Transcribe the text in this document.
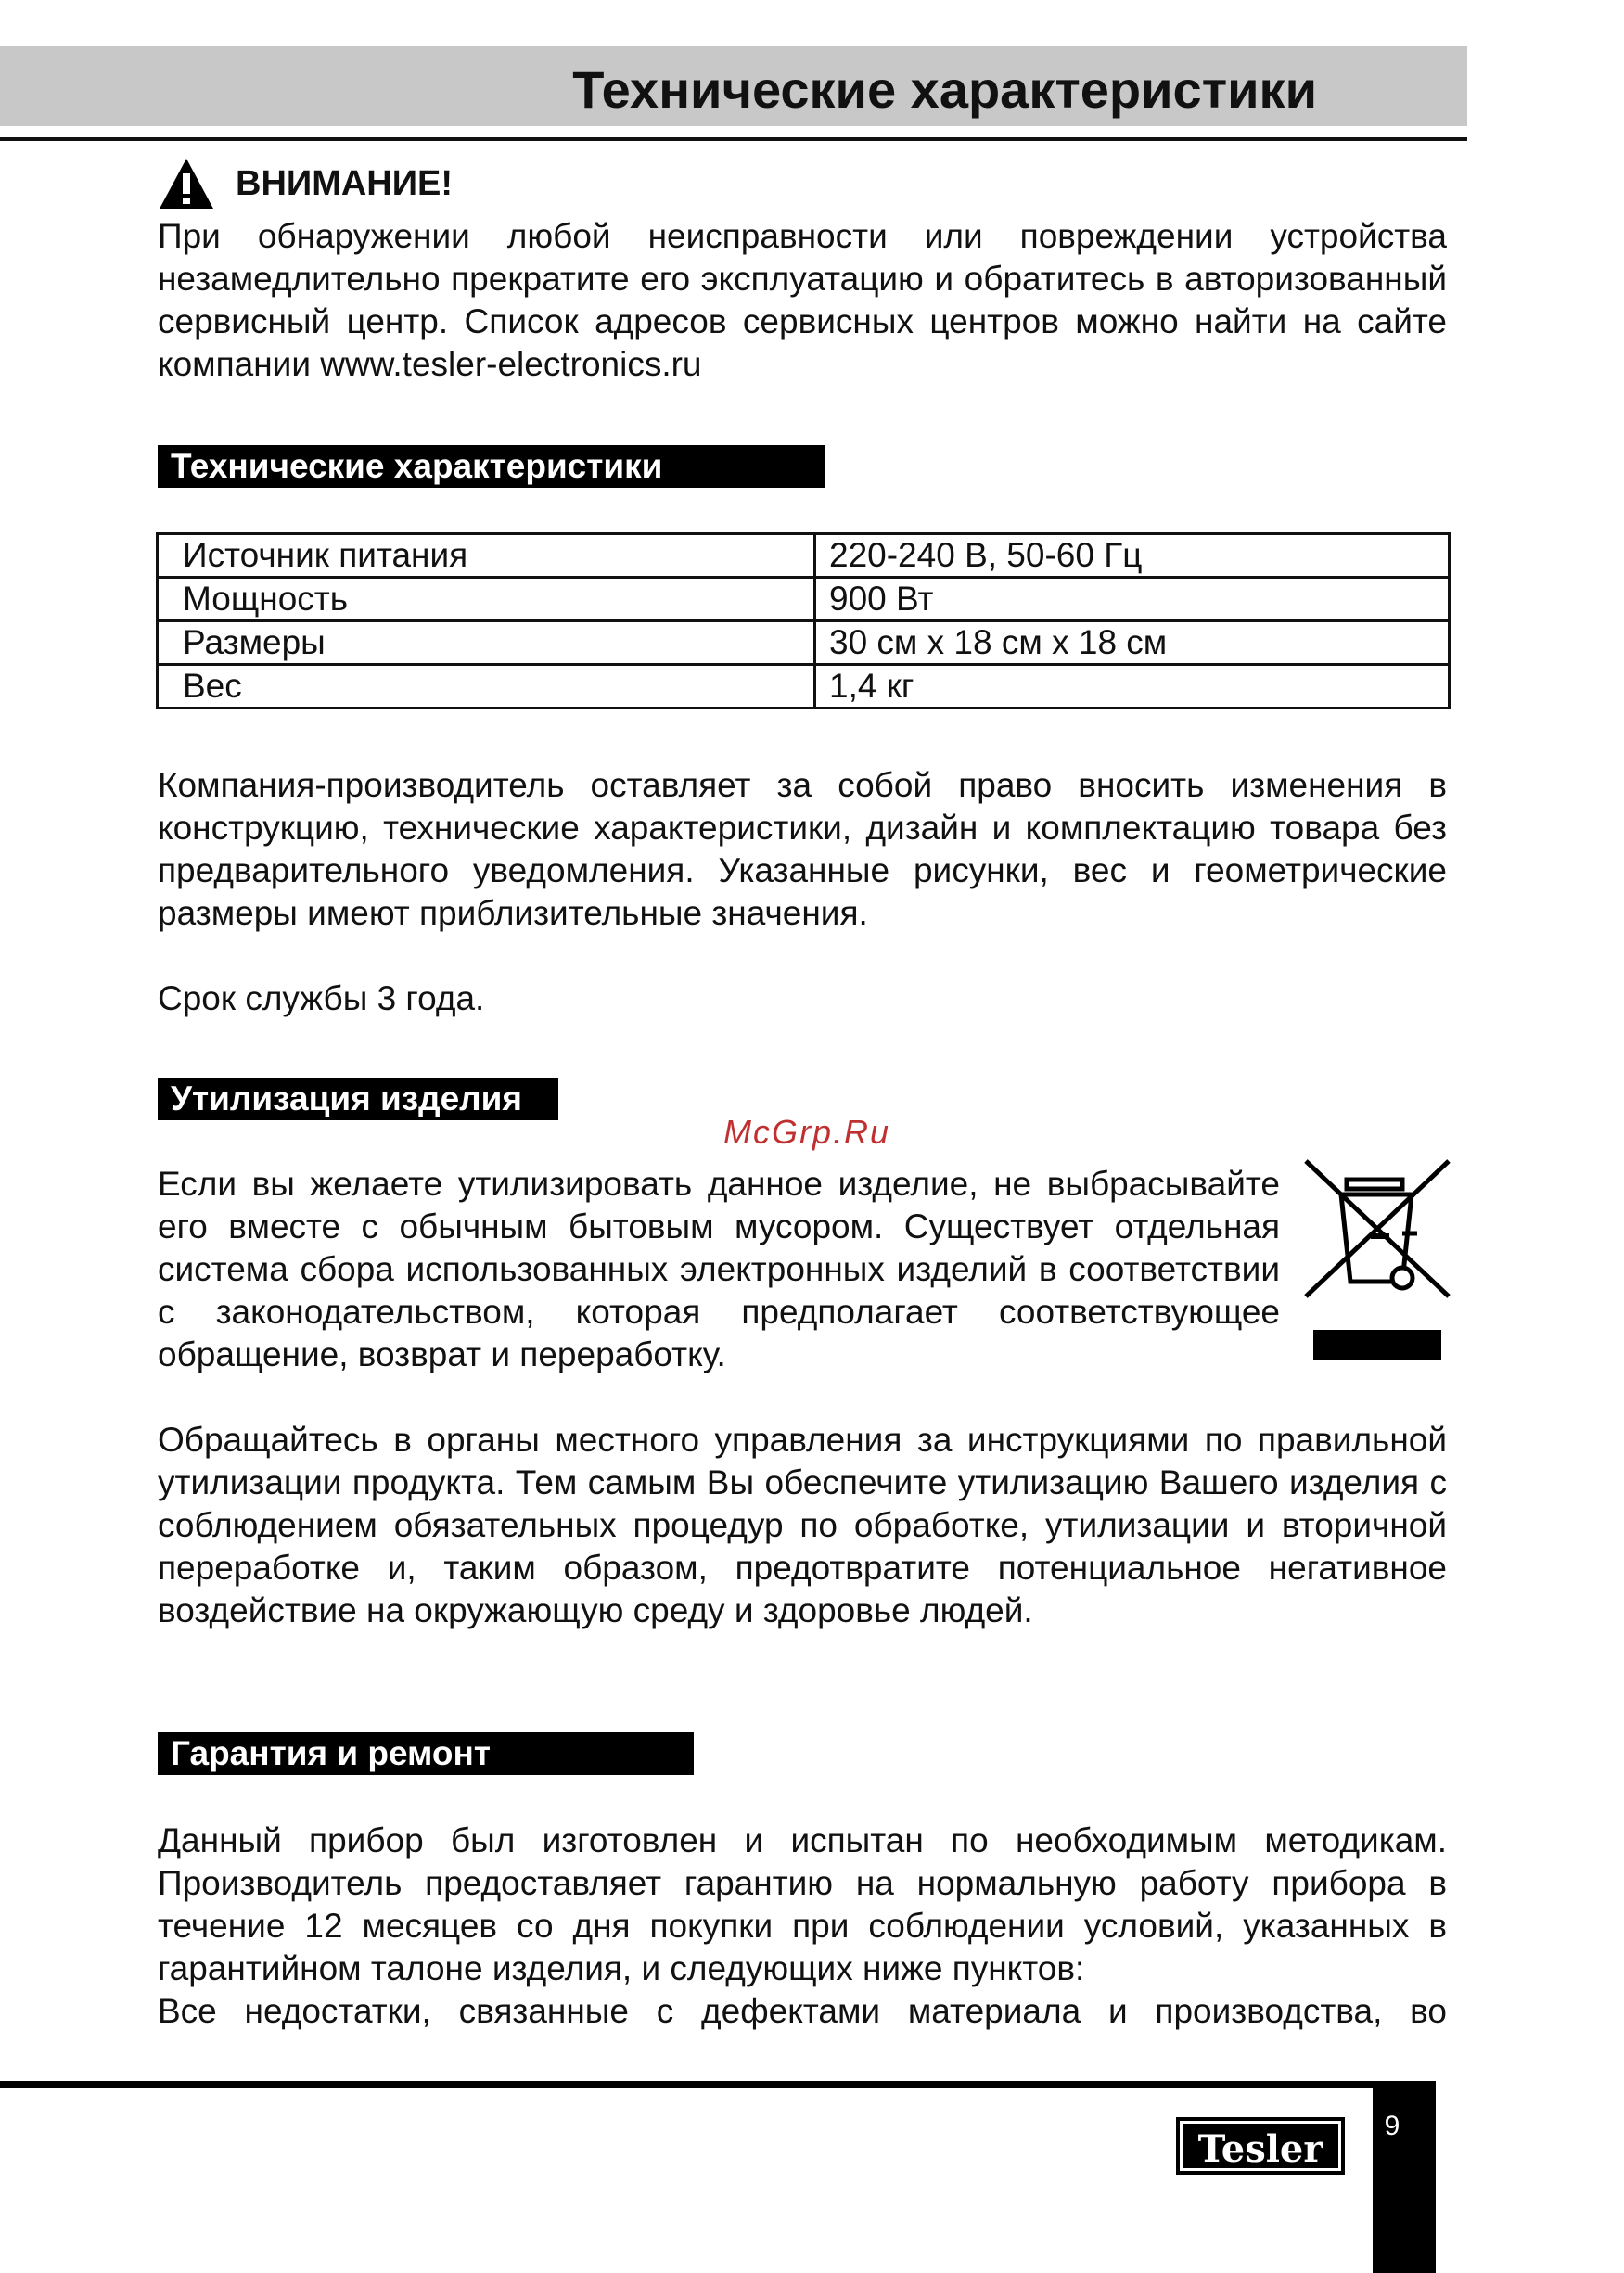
Технические характеристики
ВНИМАНИЕ!

При обнаружении любой неисправности или повреждении устройства незамедлительно прекратите его эксплуатацию и обратитесь в авторизованный сервисный центр. Список адресов сервисных центров можно найти на сайте компании www.tesler-electronics.ru

Технические характеристики
Источник питания	220-240 В, 50-60 Гц
Мощность	900 Вт
Размеры	30 см х 18 см х 18 см
Вес	1,4 кг

Компания-производитель оставляет за собой право вносить изменения в конструкцию, технические характеристики, дизайн и комплектацию товара без предварительного уведомления. Указанные рисунки, вес и геометрические размеры имеют приблизительные значения.

Срок службы 3 года.

Утилизация изделия
McGrp.Ru

Если вы желаете утилизировать данное изделие, не выбрасывайте его вместе с обычным бытовым мусором. Существует отдельная система сбора использованных электронных изделий в соответствии с законодательством, которая предполагает соответствующее обращение, возврат и переработку.

Обращайтесь в органы местного управления за инструкциями по правильной утилизации продукта. Тем самым Вы обеспечите утилизацию Вашего изделия с соблюдением обязательных процедур по обработке, утилизации и вторичной переработке и, таким образом, предотвратите потенциальное негативное воздействие на окружающую среду и здоровье людей.

Гарантия и ремонт

Данный прибор был изготовлен и испытан по необходимым методикам. Производитель предоставляет гарантию на нормальную работу прибора в течение 12 месяцев со дня покупки при соблюдении условий, указанных в гарантийном талоне изделия, и следующих ниже пунктов:

Все недостатки, связанные с дефектами материала и производства, во

9
Tesler
